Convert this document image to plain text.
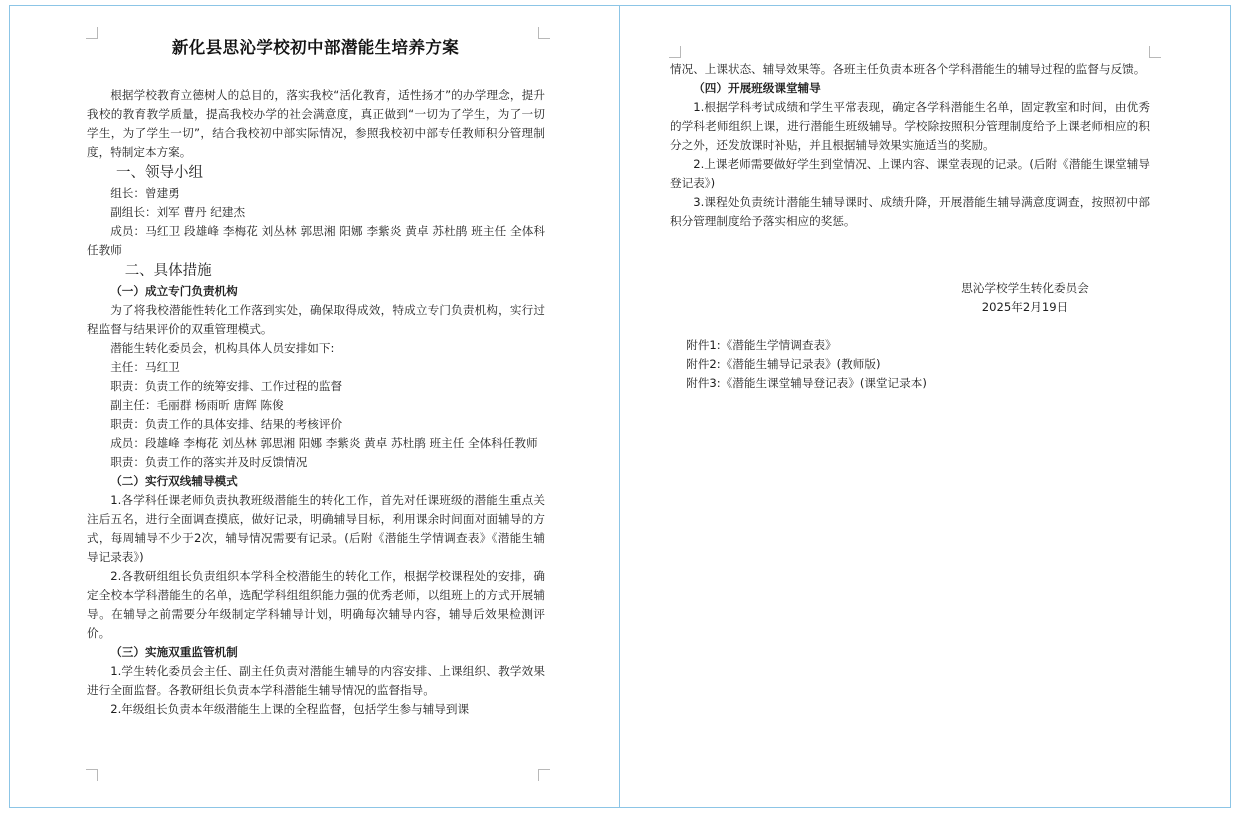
新化县思沁学校初中部潜能生培养方案

根据学校教育立德树人的总目的，落实我校“活化教育，适性扬才”的办学理念，提升我校的教育教学质量，提高我校办学的社会满意度，真正做到“一切为了学生，为了一切学生，为了学生一切”，结合我校初中部实际情况，参照我校初中部专任教师积分管理制度，特制定本方案。

一、领导小组

组长：曾建勇

副组长：刘军 曹丹 纪建杰

成员：马红卫 段雄峰 李梅花 刘丛林 郭思湘 阳娜 李紫炎 黄卓 苏杜鹃 班主任 全体科任教师

二、具体措施

（一）成立专门负责机构

为了将我校潜能性转化工作落到实处，确保取得成效，特成立专门负责机构，实行过程监督与结果评价的双重管理模式。

潜能生转化委员会，机构具体人员安排如下:

主任：马红卫

职责：负责工作的统筹安排、工作过程的监督

副主任：毛丽群 杨雨昕 唐辉 陈俊

职责：负责工作的具体安排、结果的考核评价

成员：段雄峰 李梅花 刘丛林 郭思湘 阳娜 李紫炎 黄卓 苏杜鹃 班主任 全体科任教师

职责：负责工作的落实并及时反馈情况

（二）实行双线辅导模式

1.各学科任课老师负责执教班级潜能生的转化工作，首先对任课班级的潜能生重点关注后五名，进行全面调查摸底，做好记录，明确辅导目标，利用课余时间面对面辅导的方式，每周辅导不少于2次，辅导情况需要有记录。(后附《潜能生学情调查表》《潜能生辅导记录表》)

2.各教研组组长负责组织本学科全校潜能生的转化工作，根据学校课程处的安排，确定全校本学科潜能生的名单，选配学科组组织能力强的优秀老师，以组班上的方式开展辅导。在辅导之前需要分年级制定学科辅导计划，明确每次辅导内容，辅导后效果检测评价。

（三）实施双重监管机制

1.学生转化委员会主任、副主任负责对潜能生辅导的内容安排、上课组织、教学效果进行全面监督。各教研组长负责本学科潜能生辅导情况的监督指导。

2.年级组长负责本年级潜能生上课的全程监督，包括学生参与辅导到课

情况、上课状态、辅导效果等。各班主任负责本班各个学科潜能生的辅导过程的监督与反馈。

（四）开展班级课堂辅导

1.根据学科考试成绩和学生平常表现，确定各学科潜能生名单，固定教室和时间，由优秀的学科老师组织上课，进行潜能生班级辅导。学校除按照积分管理制度给予上课老师相应的积分之外，还发放课时补贴，并且根据辅导效果实施适当的奖励。

2.上课老师需要做好学生到堂情况、上课内容、课堂表现的记录。(后附《潜能生课堂辅导登记表》)

3.课程处负责统计潜能生辅导课时、成绩升降，开展潜能生辅导满意度调查，按照初中部积分管理制度给予落实相应的奖惩。

思沁学校学生转化委员会

2025年2月19日

附件1:《潜能生学情调查表》

附件2:《潜能生辅导记录表》(教师版)

附件3:《潜能生课堂辅导登记表》(课堂记录本)
